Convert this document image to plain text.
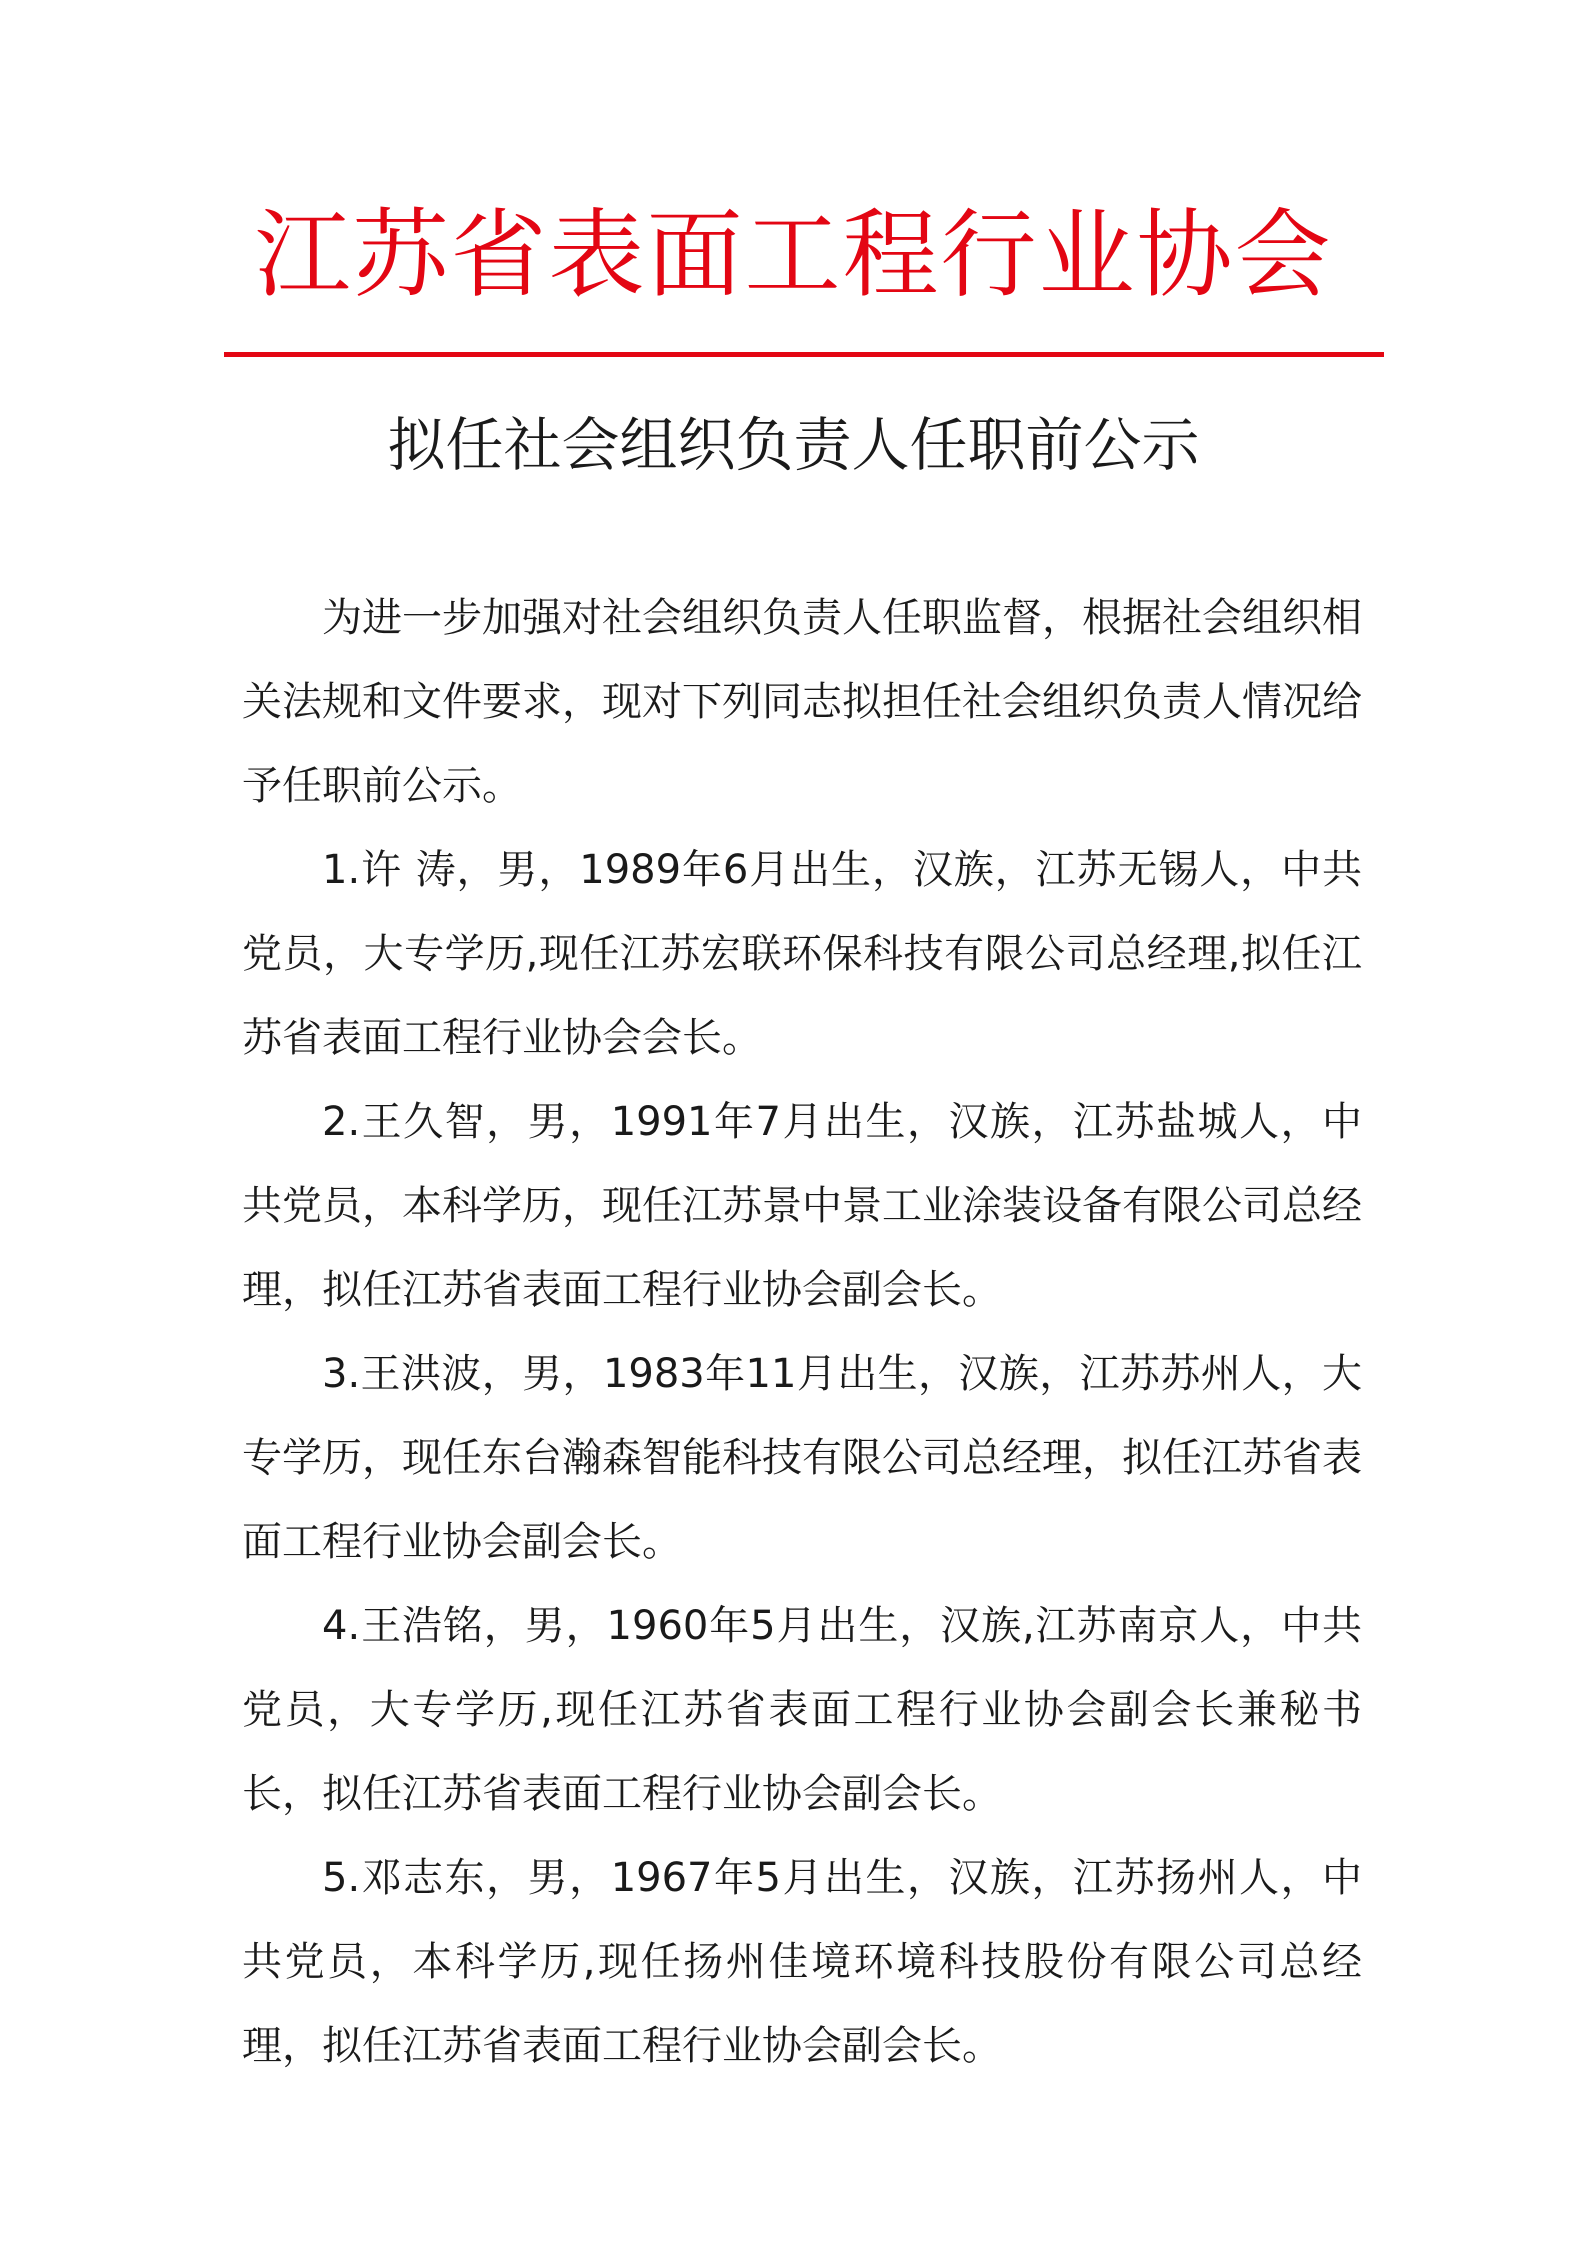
江苏省表面工程行业协会
拟任社会组织负责人任职前公示

为进一步加强对社会组织负责人任职监督，根据社会组织相关法规和文件要求，现对下列同志拟担任社会组织负责人情况给予任职前公示。

1.许 涛，男，1989年6月出生，汉族，江苏无锡人，中共党员，大专学历,现任江苏宏联环保科技有限公司总经理,拟任江苏省表面工程行业协会会长。

2.王久智，男，1991年7月出生，汉族，江苏盐城人，中共党员，本科学历，现任江苏景中景工业涂装设备有限公司总经理，拟任江苏省表面工程行业协会副会长。

3.王洪波，男，1983年11月出生，汉族，江苏苏州人，大专学历，现任东台瀚森智能科技有限公司总经理，拟任江苏省表面工程行业协会副会长。

4.王浩铭，男，1960年5月出生，汉族,江苏南京人，中共党员，大专学历,现任江苏省表面工程行业协会副会长兼秘书长，拟任江苏省表面工程行业协会副会长。

5.邓志东，男，1967年5月出生，汉族，江苏扬州人，中共党员，本科学历,现任扬州佳境环境科技股份有限公司总经理，拟任江苏省表面工程行业协会副会长。
